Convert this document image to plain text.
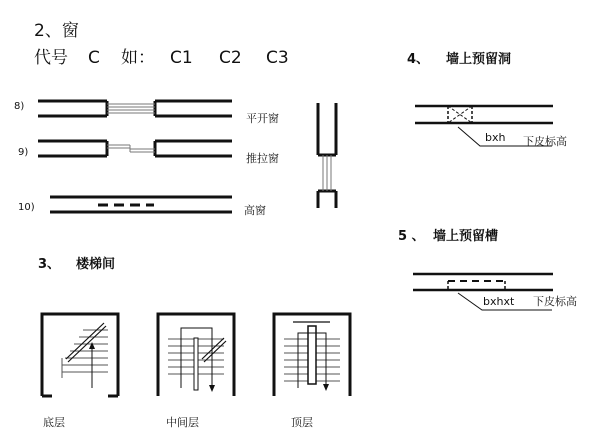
2、窗
代号 C 如： C1 C2 C3
8)
平开窗
9)	推拉窗
10)	高窗
4、 墙上预留洞
bxh 下皮标高
5 、 墙上预留槽
bxhxt 下皮标高
3、 楼梯间
底层	中间层	顶层
